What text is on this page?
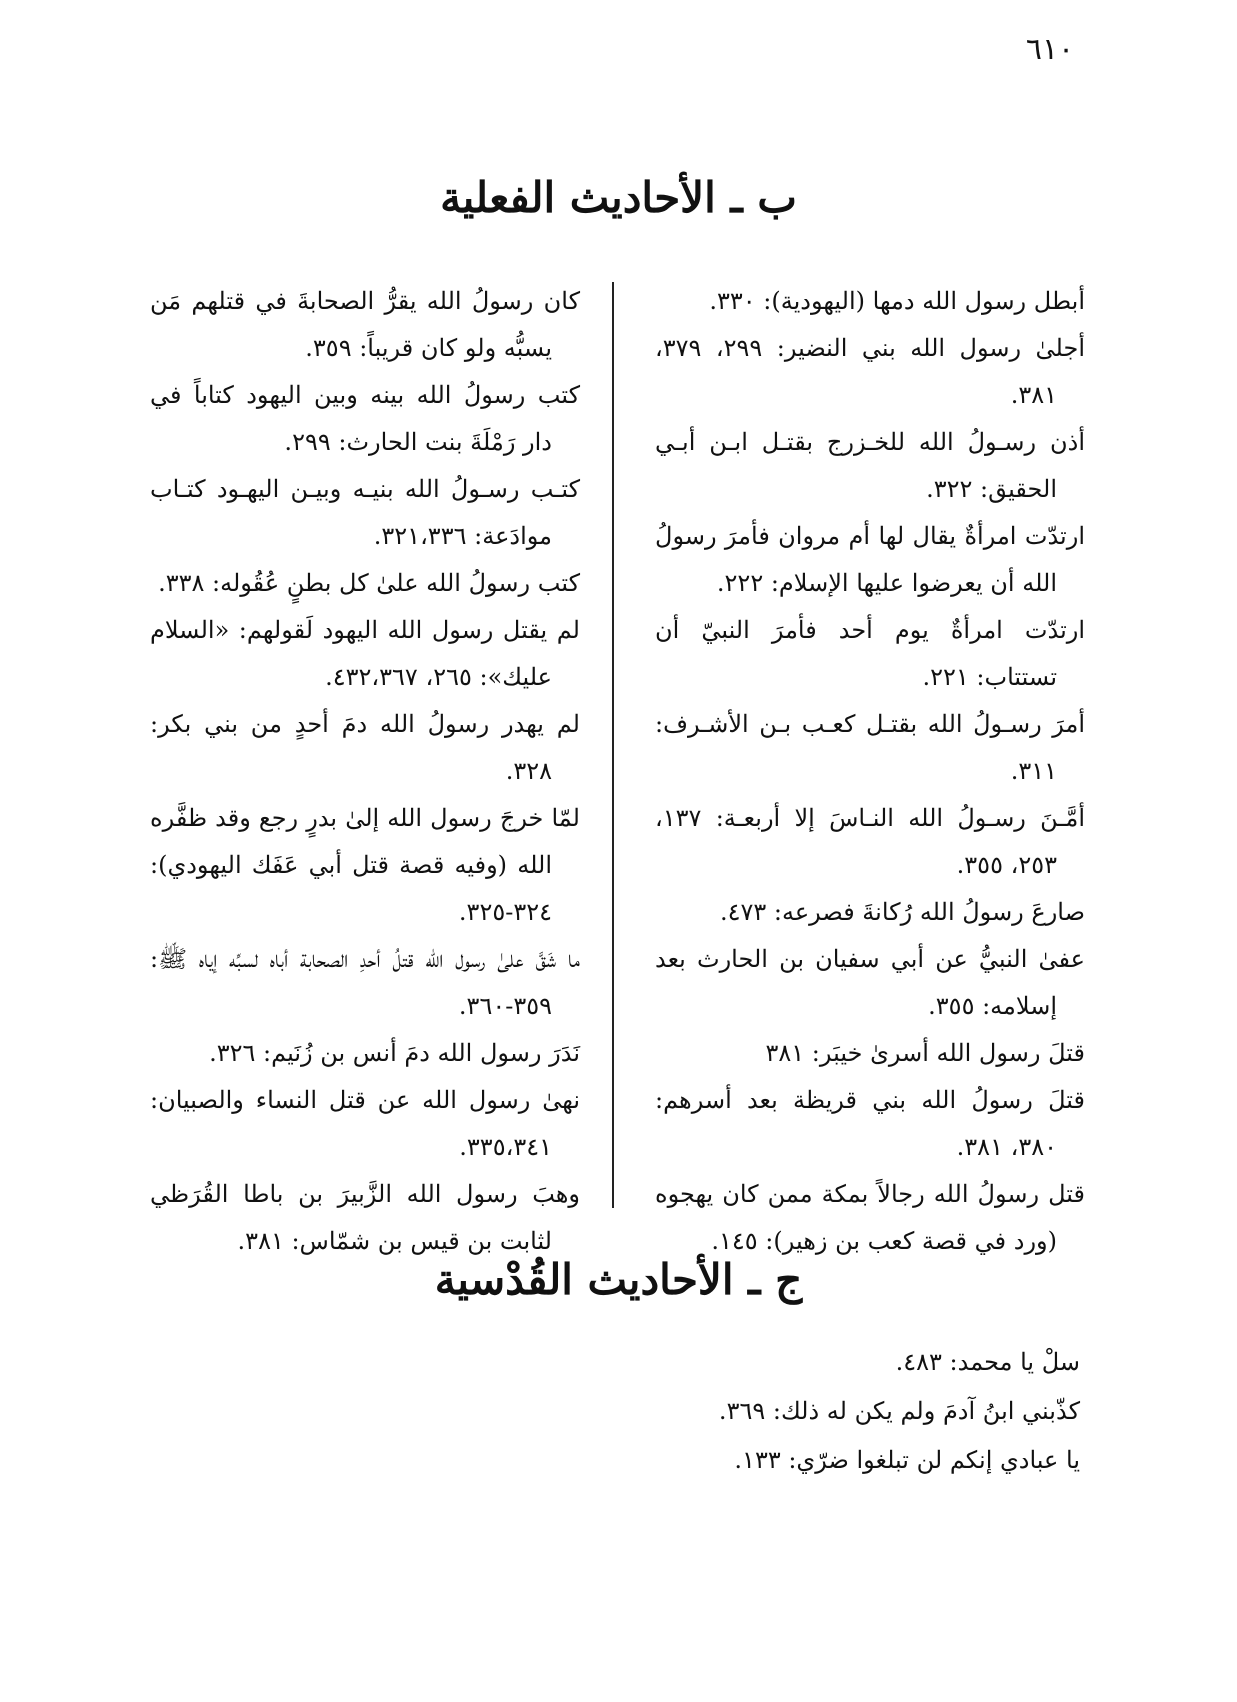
٦١٠
ب ـ الأحاديث الفعلية

أبطل رسول الله دمها (اليهودية): ٣٣٠.

أجلىٰ رسول الله بني النضير: ٢٩٩، ٣٧٩، ٣٨١.

أذن رسـولُ الله للخـزرج بقتـل ابـن أبـي الحقيق: ٣٢٢.

ارتدّت امرأةٌ يقال لها أم مروان فأمرَ رسولُ الله أن يعرضوا عليها الإسلام: ٢٢٢.

ارتدّت امرأةٌ يوم أحد فأمرَ النبيّ أن تستتاب: ٢٢١.

أمرَ رسـولُ الله بقتـل كعـب بـن الأشـرف: ٣١١.

أمَّـنَ رسـولُ الله النـاسَ إلا أربعـة: ١٣٧، ٢٥٣، ٣٥٥.

صارعَ رسولُ الله رُكانةَ فصرعه: ٤٧٣.

عفىٰ النبيُّ عن أبي سفيان بن الحارث بعد إسلامه: ٣٥٥.

قتلَ رسول الله أسرىٰ خيبَر: ٣٨١

قتلَ رسولُ الله بني قريظة بعد أسرهم: ٣٨٠، ٣٨١.

قتل رسولُ الله رجالاً بمكة ممن كان يهجوه (ورد في قصة كعب بن زهير): ١٤٥.

كان رسولُ الله يقرُّ الصحابةَ في قتلهم مَن يسبُّه ولو كان قريباً: ٣٥٩.

كتب رسولُ الله بينه وبين اليهود كتاباً في دار رَمْلَةَ بنت الحارث: ٢٩٩.

كتـب رسـولُ الله بنيـه وبيـن اليهـود كتـاب موادَعة: ٣٢١،٣٣٦.

كتب رسولُ الله علىٰ كل بطنٍ عُقُوله: ٣٣٨.

لم يقتل رسول الله اليهود لَقولهم: «السلام عليك»: ٢٦٥، ٤٣٢،٣٦٧.

لم يهدر رسولُ الله دمَ أحدٍ من بني بكر: ٣٢٨.

لمّا خرجَ رسول الله إلىٰ بدرٍ رجع وقد ظفَّره الله (وفيه قصة قتل أبي عَفَك اليهودي): ٣٢٤-٣٢٥.

ما شَقَّ علىٰ رسول الله قتلُ أحدِ الصحابة أباه لسبِّه إياه ﷺ: ٣٥٩-٣٦٠.

نَدَرَ رسول الله دمَ أنس بن زُنَيم: ٣٢٦.

نهىٰ رسول الله عن قتل النساء والصبيان: ٣٣٥،٣٤١.

وهبَ رسول الله الزَّبيرَ بن باطا القُرَظي لثابت بن قيس بن شمّاس: ٣٨١.

ج ـ الأحاديث القُدْسية

سلْ يا محمد: ٤٨٣.

كذّبني ابنُ آدمَ ولم يكن له ذلك: ٣٦٩.

يا عبادي إنكم لن تبلغوا ضرّي: ١٣٣.
